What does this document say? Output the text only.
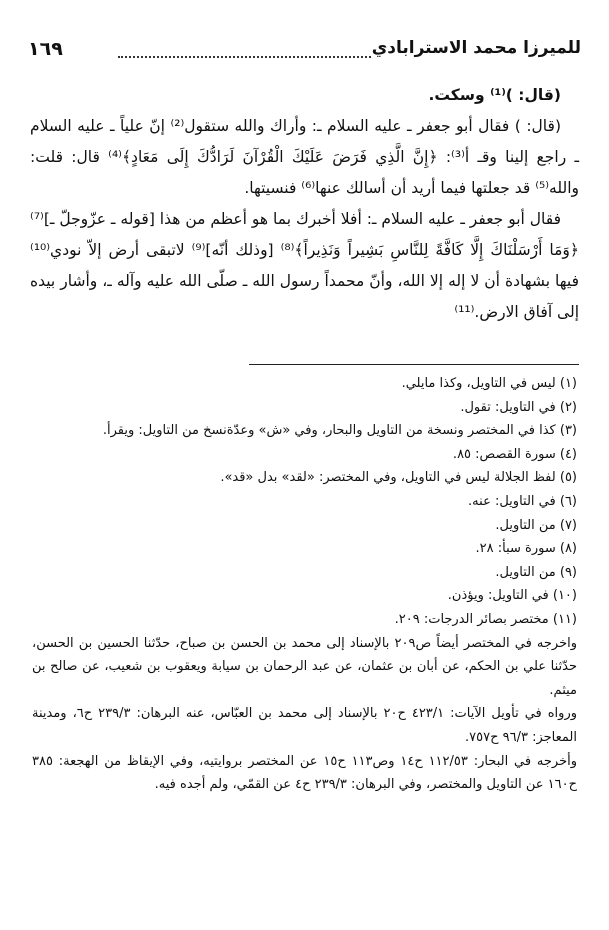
للميرزا محمد الاسترابادي
١٦٩

(قال: )⁽¹⁾ وسكت.

(قال: ) فقال أبو جعفر ـ عليه السلام ـ: وأراك والله ستقول⁽²⁾ إنّ علياً ـ عليه السلام ـ راجع إلينا وقـ أ⁽³⁾: ﴿إِنَّ الَّذِي فَرَضَ عَلَيْكَ الْقُرْآنَ لَرَادُّكَ إِلَى مَعَادٍ﴾⁽⁴⁾ قال: قلت: والله⁽⁵⁾ قد جعلتها فيما أريد أن أسالك عنها⁽⁶⁾ فنسيتها.

فقال أبو جعفر ـ عليه السلام ـ: أفلا أخبرك بما هو أعظم من هذا [قوله ـ عزّوجلّ ـ]⁽⁷⁾ ﴿وَمَا أَرْسَلْنَاكَ إِلَّا كَافَّةً لِلنَّاسِ بَشِيراً وَنَذِيراً﴾⁽⁸⁾ [وذلك أنّه]⁽⁹⁾ لاتبقى أرض إلاّ نودي⁽¹⁰⁾ فيها بشهادة أن لا إله إلا الله، وأنّ محمداً رسول الله ـ صلّى الله عليه وآله ـ، وأشار بيده إلى آفاق الارض.⁽¹¹⁾

(١) ليس في التاويل، وكذا مايلي.
(٢) في التاويل: تقول.
(٣) كذا في المختصر ونسخة من التاويل والبحار، وفي «ش» وعدّةنسخ من التاويل: ويقرأ.
(٤) سورة القصص: ٨٥.
(٥) لفظ الجلالة ليس في التاويل، وفي المختصر: «لقد» بدل «قد».
(٦) في التاويل: عنه.
(٧) من التاويل.
(٨) سورة سبأ: ٢٨.
(٩) من التاويل.
(١٠) في التاويل: ويؤذن.
(١١) مختصر بصائر الدرجات: ٢٠٩.
واخرجه في المختصر أيضاً ص٢٠٩ بالإسناد إلى محمد بن الحسن بن صباح، حدّثنا الحسين بن الحسن، حدّثنا علي بن الحكم، عن أبان بن عثمان، عن عبد الرحمان بن سيابة ويعقوب بن شعيب، عن صالح بن ميثم.
ورواه في تأويل الآيات: ٤٢٣/١ ح٢٠ بالإسناد إلى محمد بن العبّاس، عنه البرهان: ٢٣٩/٣ ح٦، ومدينة المعاجز: ٩٦/٣ ح٧٥٧.
وأخرجه في البحار: ١١٢/٥٣ ح١٤ وص١١٣ ح١٥ عن المختصر بروايتيه، وفي الإيقاظ من الهجعة: ٣٨٥ ح١٦٠ عن التاويل والمختصر، وفي البرهان: ٢٣٩/٣ ح٤ عن القمّي، ولم أجده فيه.
